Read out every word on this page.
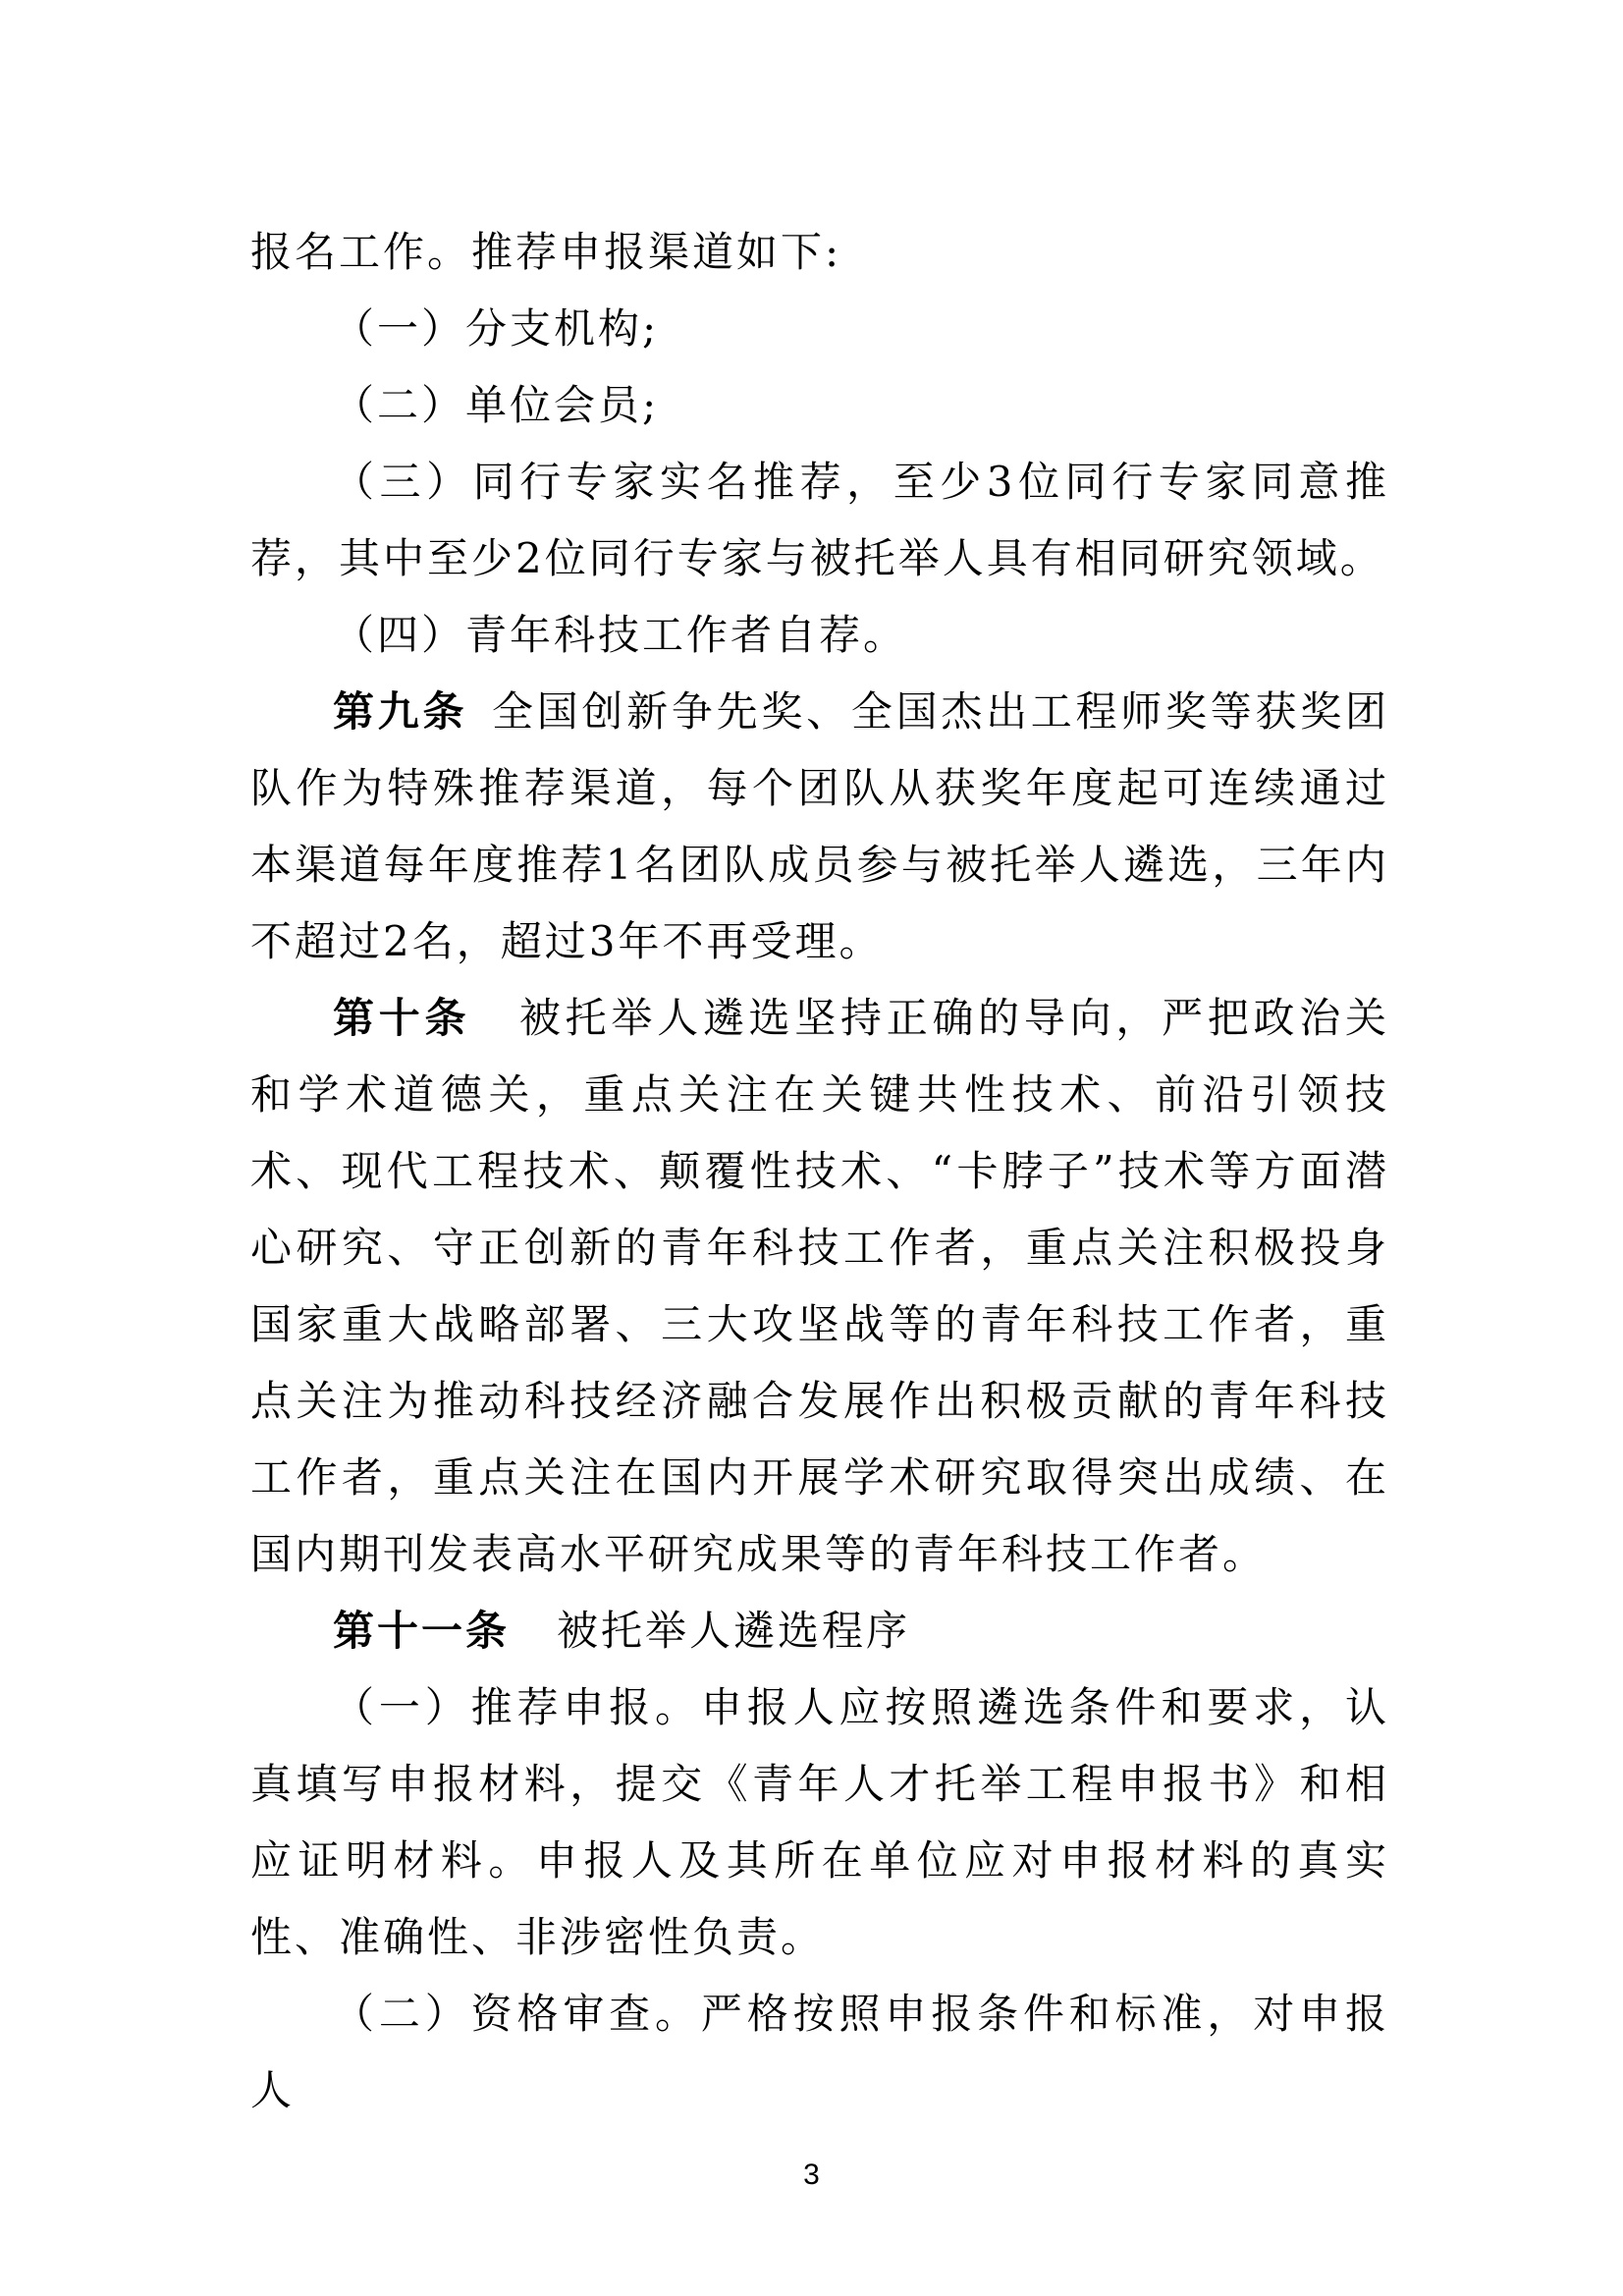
报名工作。推荐申报渠道如下:

（一）分支机构;

（二）单位会员;

（三）同行专家实名推荐，至少3位同行专家同意推荐，其中至少2位同行专家与被托举人具有相同研究领域。

（四）青年科技工作者自荐。

第九条 全国创新争先奖、全国杰出工程师奖等获奖团队作为特殊推荐渠道，每个团队从获奖年度起可连续通过本渠道每年度推荐1名团队成员参与被托举人遴选，三年内不超过2名，超过3年不再受理。

第十条 被托举人遴选坚持正确的导向，严把政治关和学术道德关，重点关注在关键共性技术、前沿引领技术、现代工程技术、颠覆性技术、“卡脖子”技术等方面潜心研究、守正创新的青年科技工作者，重点关注积极投身国家重大战略部署、三大攻坚战等的青年科技工作者，重点关注为推动科技经济融合发展作出积极贡献的青年科技工作者，重点关注在国内开展学术研究取得突出成绩、在国内期刊发表高水平研究成果等的青年科技工作者。

第十一条 被托举人遴选程序

（一）推荐申报。申报人应按照遴选条件和要求，认真填写申报材料，提交《青年人才托举工程申报书》和相应证明材料。申报人及其所在单位应对申报材料的真实性、准确性、非涉密性负责。

（二）资格审查。严格按照申报条件和标准，对申报人

3
